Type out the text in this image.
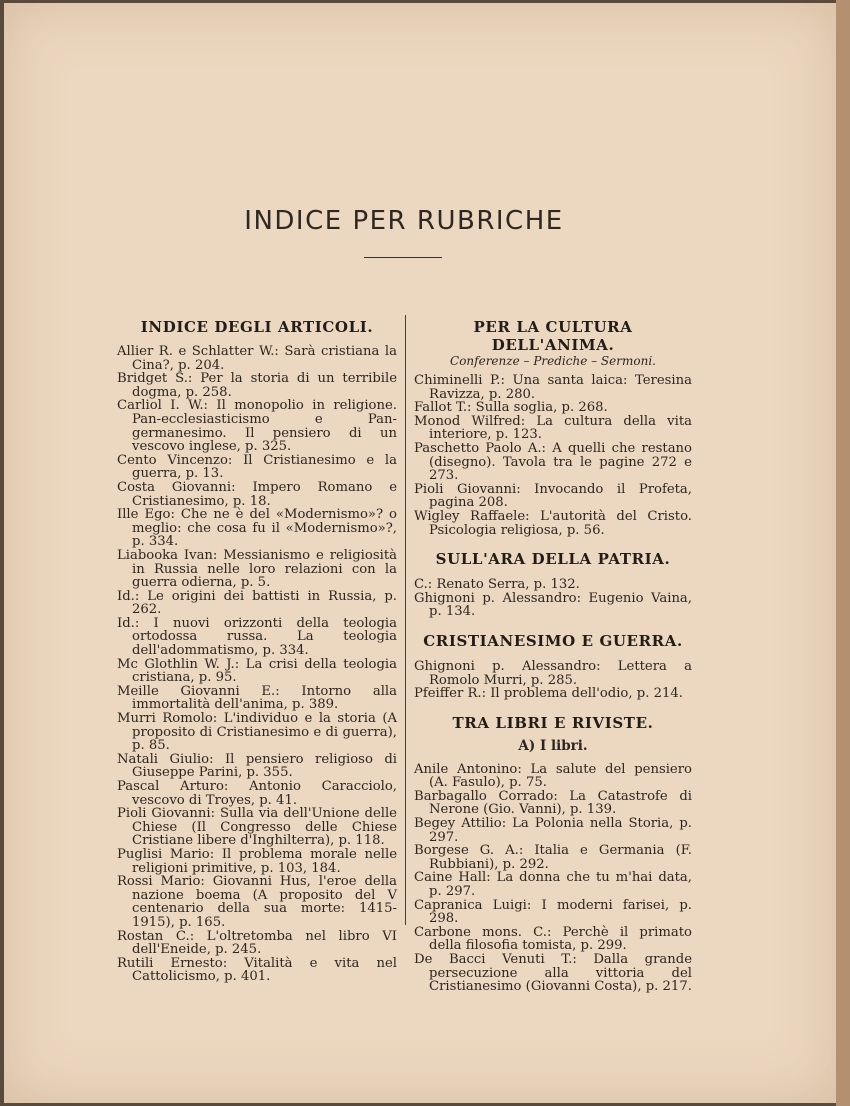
INDICE PER RUBRICHE
INDICE DEGLI ARTICOLI.

Allier R. e Schlatter W.: Sarà cristiana la Cina?, p. 204.

Bridget S.: Per la storia di un terribile dogma, p. 258.

Carliol I. W.: Il monopolio in religione. Pan-ecclesiasticismo e Pan-germanesimo. Il pensiero di un vescovo inglese, p. 325.

Cento Vincenzo: Il Cristianesimo e la guerra, p. 13.

Costa Giovanni: Impero Romano e Cristianesimo, p. 18.

Ille Ego: Che ne è del «Modernismo»? o meglio: che cosa fu il «Modernismo»?, p. 334.

Liabooka Ivan: Messianismo e religiosità in Russia nelle loro relazioni con la guerra odierna, p. 5.

Id.: Le origini dei battisti in Russia, p. 262.

Id.: I nuovi orizzonti della teologia ortodossa russa. La teologia dell'adommatismo, p. 334.

Mc Glothlin W. J.: La crisi della teologia cristiana, p. 95.

Meille Giovanni E.: Intorno alla immortalità dell'anima, p. 389.

Murri Romolo: L'individuo e la storia (A proposito di Cristianesimo e di guerra), p. 85.

Natali Giulio: Il pensiero religioso di Giuseppe Parini, p. 355.

Pascal Arturo: Antonio Caracciolo, vescovo di Troyes, p. 41.

Pioli Giovanni: Sulla via dell'Unione delle Chiese (Il Congresso delle Chiese Cristiane libere d'Inghilterra), p. 118.

Puglisi Mario: Il problema morale nelle religioni primitive, p. 103, 184.

Rossi Mario: Giovanni Hus, l'eroe della nazione boema (A proposito del V centenario della sua morte: 1415-1915), p. 165.

Rostan C.: L'oltretomba nel libro VI dell'Eneide, p. 245.

Rutili Ernesto: Vitalità e vita nel Cattolicismo, p. 401.

PER LA CULTURA DELL'ANIMA.
Conferenze – Prediche – Sermoni.

Chiminelli P.: Una santa laica: Teresina Ravizza, p. 280.

Fallot T.: Sulla soglia, p. 268.

Monod Wilfred: La cultura della vita interiore, p. 123.

Paschetto Paolo A.: A quelli che restano (disegno). Tavola tra le pagine 272 e 273.

Pioli Giovanni: Invocando il Profeta, pagina 208.

Wigley Raffaele: L'autorità del Cristo. Psicologia religiosa, p. 56.

SULL'ARA DELLA PATRIA.

C.: Renato Serra, p. 132.

Ghignoni p. Alessandro: Eugenio Vaina, p. 134.

CRISTIANESIMO E GUERRA.

Ghignoni p. Alessandro: Lettera a Romolo Murri, p. 285.

Pfeiffer R.: Il problema dell'odio, p. 214.

TRA LIBRI E RIVISTE.
A) I libri.

Anile Antonino: La salute del pensiero (A. Fasulo), p. 75.

Barbagallo Corrado: La Catastrofe di Nerone (Gio. Vanni), p. 139.

Begey Attilio: La Polonia nella Storia, p. 297.

Borgese G. A.: Italia e Germania (F. Rubbiani), p. 292.

Caine Hall: La donna che tu m'hai data, p. 297.

Capranica Luigi: I moderni farisei, p. 298.

Carbone mons. C.: Perchè il primato della filosofia tomista, p. 299.

De Bacci Venuti T.: Dalla grande persecuzione alla vittoria del Cristianesimo (Giovanni Costa), p. 217.
